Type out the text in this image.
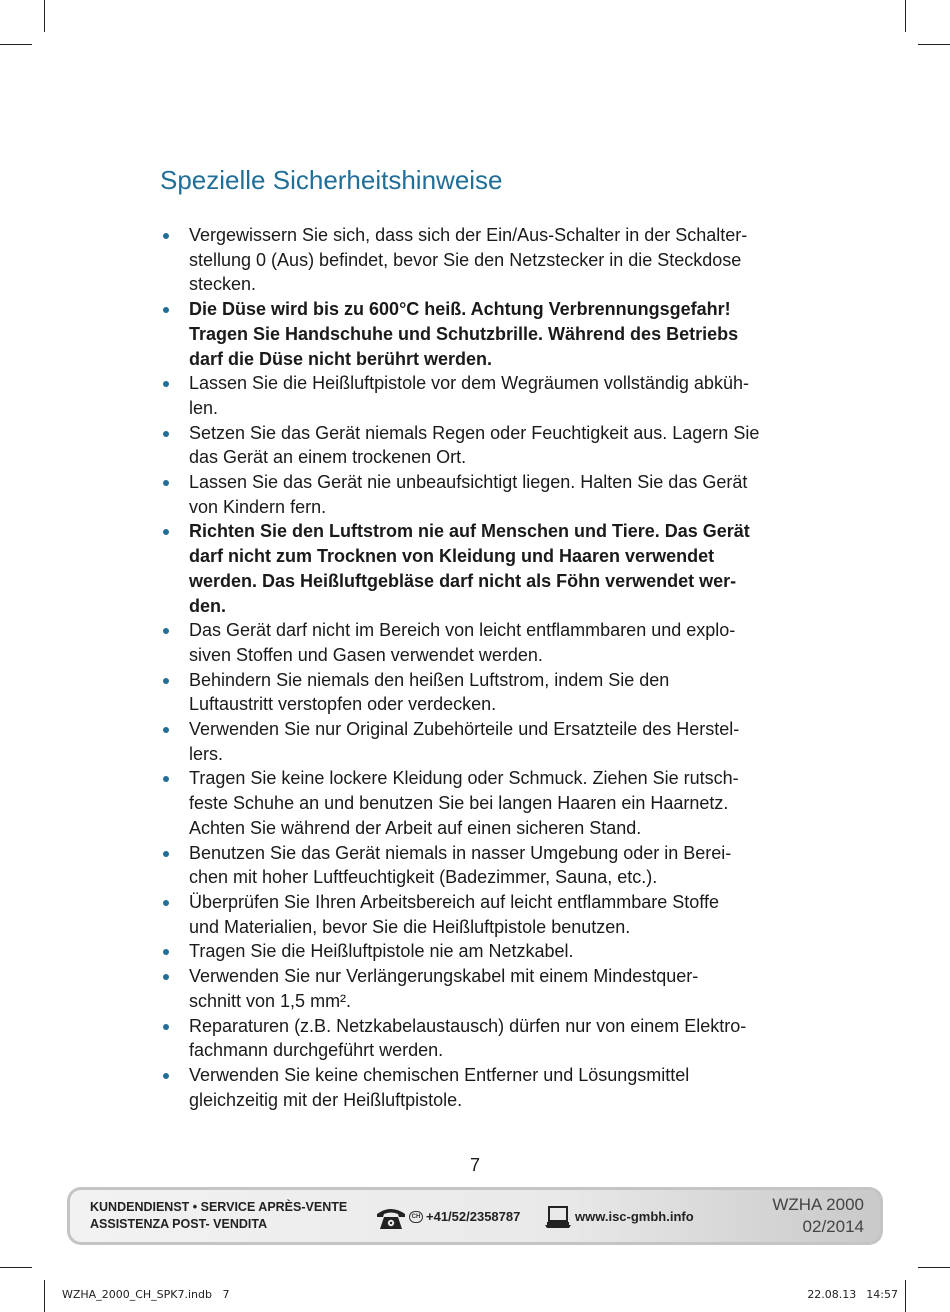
Spezielle Sicherheitshinweise
Vergewissern Sie sich, dass sich der Ein/Aus-Schalter in der Schalter-
stellung 0 (Aus) befindet, bevor Sie den Netzstecker in die Steckdose
stecken.
Die Düse wird bis zu 600°C heiß. Achtung Verbrennungsgefahr!
Tragen Sie Handschuhe und Schutzbrille. Während des Betriebs
darf die Düse nicht berührt werden.
Lassen Sie die Heißluftpistole vor dem Wegräumen vollständig abküh-
len.
Setzen Sie das Gerät niemals Regen oder Feuchtigkeit aus. Lagern Sie
das Gerät an einem trockenen Ort.
Lassen Sie das Gerät nie unbeaufsichtigt liegen. Halten Sie das Gerät
von Kindern fern.
Richten Sie den Luftstrom nie auf Menschen und Tiere. Das Gerät
darf nicht zum Trocknen von Kleidung und Haaren verwendet
werden. Das Heißluftgebläse darf nicht als Föhn verwendet wer-
den.
Das Gerät darf nicht im Bereich von leicht entflammbaren und explo-
siven Stoffen und Gasen verwendet werden.
Behindern Sie niemals den heißen Luftstrom, indem Sie den
Luftaustritt verstopfen oder verdecken.
Verwenden Sie nur Original Zubehörteile und Ersatzteile des Herstel-
lers.
Tragen Sie keine lockere Kleidung oder Schmuck. Ziehen Sie rutsch-
feste Schuhe an und benutzen Sie bei langen Haaren ein Haarnetz.
Achten Sie während der Arbeit auf einen sicheren Stand.
Benutzen Sie das Gerät niemals in nasser Umgebung oder in Berei-
chen mit hoher Luftfeuchtigkeit (Badezimmer, Sauna, etc.).
Überprüfen Sie Ihren Arbeitsbereich auf leicht entflammbare Stoffe
und Materialien, bevor Sie die Heißluftpistole benutzen.
Tragen Sie die Heißluftpistole nie am Netzkabel.
Verwenden Sie nur Verlängerungskabel mit einem Mindestquer-
schnitt von 1,5 mm².
Reparaturen (z.B. Netzkabelaustausch) dürfen nur von einem Elektro-
fachmann durchgeführt werden.
Verwenden Sie keine chemischen Entferner und Lösungsmittel
gleichzeitig mit der Heißluftpistole.
7
KUNDENDIENST • SERVICE APRÈS-VENTE
ASSISTENZA POST- VENDITA	CH +41/52/2358787	www.isc-gmbh.info
WZHA 2000
02/2014
WZHA_2000_CH_SPK7.indb   7	22.08.13 14:57
